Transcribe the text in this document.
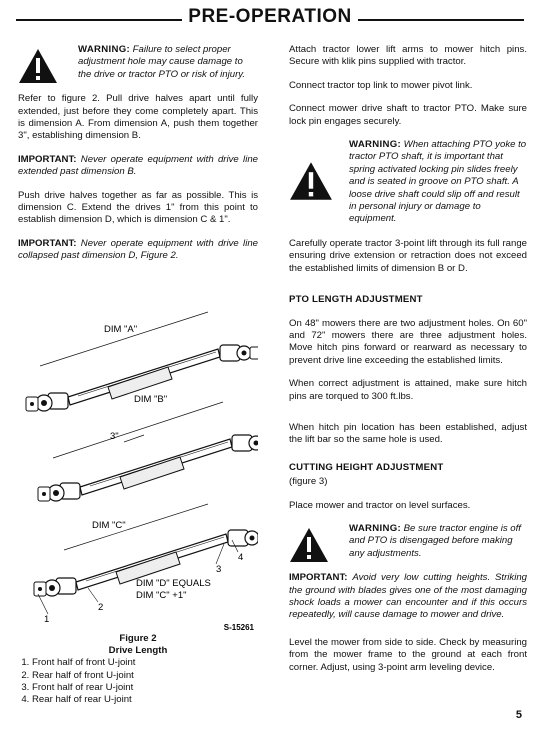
PRE-OPERATION
WARNING: Failure to select proper adjustment hole may cause damage to the drive or tractor PTO or risk of injury.

Refer to figure 2. Pull drive halves apart until fully extended, just before they come completely apart. This is dimension A. From dimension A, push them together 3", establishing dimension B.

IMPORTANT: Never operate equipment with drive line extended past dimension B.

Push drive halves together as far as possible. This is dimension C. Extend the drives 1" from this point to establish dimension D, which is dimension C & 1".

IMPORTANT: Never operate equipment with drive line collapsed past dimension D, Figure 2.

DIM "A"
DIM "B"
3"
DIM "C"
DIM "D" EQUALS
DIM "C" +1"
1
2
3
4
S-15261
Figure 2
Drive Length
1. Front half of front U-joint
2. Rear half of front U-joint
3. Front half of rear U-joint
4. Rear half of rear U-joint

Attach tractor lower lift arms to mower hitch pins. Secure with klik pins supplied with tractor.

Connect tractor top link to mower pivot link.

Connect mower drive shaft to tractor PTO. Make sure lock pin engages securely.

WARNING: When attaching PTO yoke to tractor PTO shaft, it is important that spring activated locking pin slides freely and is seated in groove on PTO shaft. A loose drive shaft could slip off and result in personal injury or damage to equipment.

Carefully operate tractor 3-point lift through its full range ensuring drive extension or retraction does not exceed the established limits of dimension B or D.

PTO LENGTH ADJUSTMENT

On 48" mowers there are two adjustment holes. On 60" and 72" mowers there are three adjustment holes. Move hitch pins forward or rearward as necessary to prevent drive line exceeding the established limits.

When correct adjustment is attained, make sure hitch pins are torqued to 300 ft.lbs.

When hitch pin location has been established, adjust the lift bar so the same hole is used.

CUTTING HEIGHT ADJUSTMENT
(figure 3)

Place mower and tractor on level surfaces.

WARNING: Be sure tractor engine is off and PTO is disengaged before making any adjustments.

IMPORTANT: Avoid very low cutting heights. Striking the ground with blades gives one of the most damaging shock loads a mower can encounter and if this occurs repeatedly, will cause damage to mower and drive.

Level the mower from side to side. Check by measuring from the mower frame to the ground at each front corner. Adjust, using 3-point arm leveling device.

5
